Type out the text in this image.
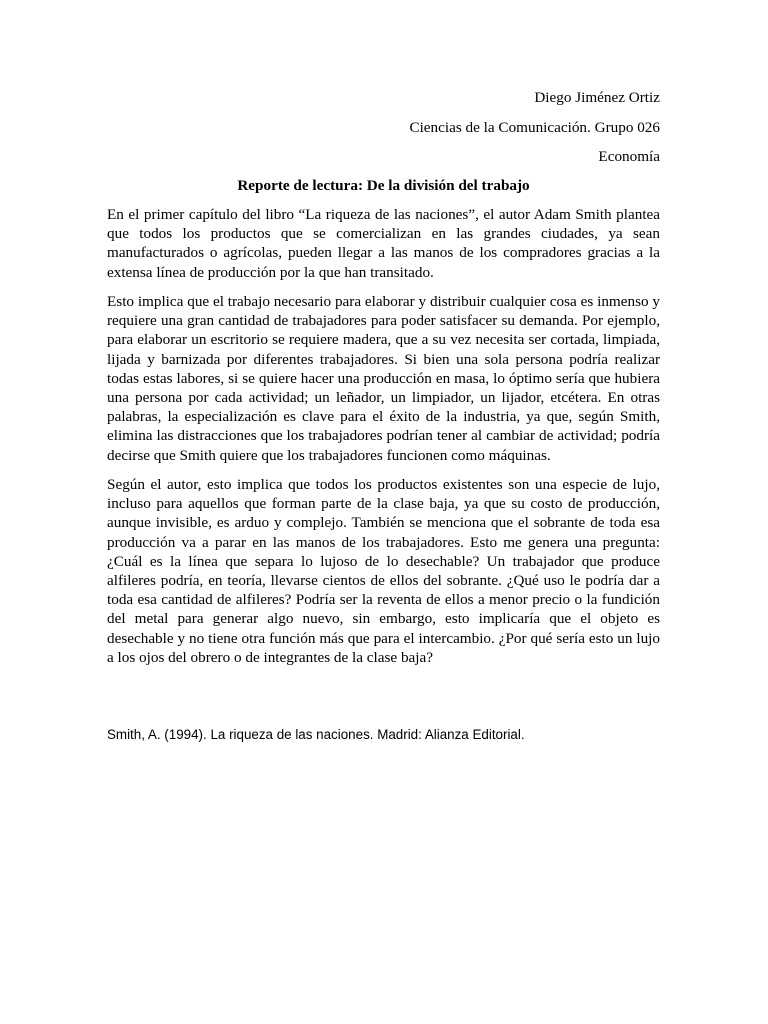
Diego Jiménez Ortiz

Ciencias de la Comunicación. Grupo 026

Economía

Reporte de lectura: De la división del trabajo

En el primer capítulo del libro “La riqueza de las naciones”, el autor Adam Smith plantea que todos los productos que se comercializan en las grandes ciudades, ya sean manufacturados o agrícolas, pueden llegar a las manos de los compradores gracias a la extensa línea de producción por la que han transitado.

Esto implica que el trabajo necesario para elaborar y distribuir cualquier cosa es inmenso y requiere una gran cantidad de trabajadores para poder satisfacer su demanda. Por ejemplo, para elaborar un escritorio se requiere madera, que a su vez necesita ser cortada, limpiada, lijada y barnizada por diferentes trabajadores. Si bien una sola persona podría realizar todas estas labores, si se quiere hacer una producción en masa, lo óptimo sería que hubiera una persona por cada actividad; un leñador, un limpiador, un lijador, etcétera. En otras palabras, la especialización es clave para el éxito de la industria, ya que, según Smith, elimina las distracciones que los trabajadores podrían tener al cambiar de actividad; podría decirse que Smith quiere que los trabajadores funcionen como máquinas.

Según el autor, esto implica que todos los productos existentes son una especie de lujo, incluso para aquellos que forman parte de la clase baja, ya que su costo de producción, aunque invisible, es arduo y complejo. También se menciona que el sobrante de toda esa producción va a parar en las manos de los trabajadores. Esto me genera una pregunta: ¿Cuál es la línea que separa lo lujoso de lo desechable? Un trabajador que produce alfileres podría, en teoría, llevarse cientos de ellos del sobrante. ¿Qué uso le podría dar a toda esa cantidad de alfileres? Podría ser la reventa de ellos a menor precio o la fundición del metal para generar algo nuevo, sin embargo, esto implicaría que el objeto es desechable y no tiene otra función más que para el intercambio. ¿Por qué sería esto un lujo a los ojos del obrero o de integrantes de la clase baja?

Smith, A. (1994). La riqueza de las naciones. Madrid: Alianza Editorial.
